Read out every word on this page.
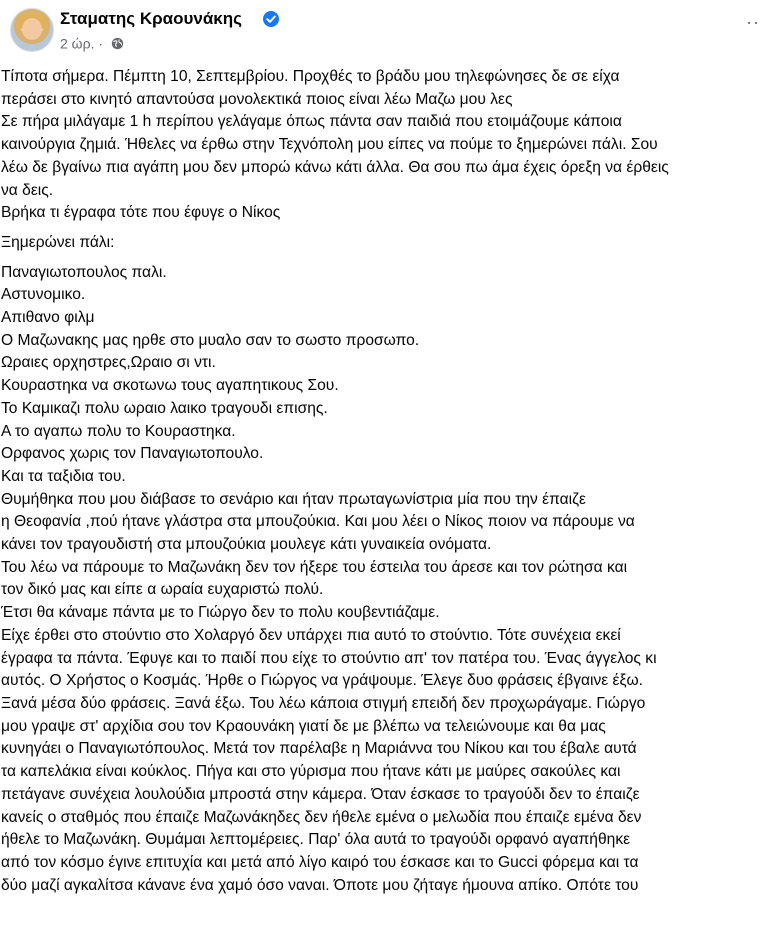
Σταματης Κραουνάκης
2 ώρ. ·
··
Τίποτα σήμερα. Πέμπτη 10, Σεπτεμβρίου. Προχθές το βράδυ μου τηλεφώνησες δε σε είχα
περάσει στο κινητό απαντούσα μονολεκτικά ποιος είναι λέω Μαζω μου λες
Σε πήρα μιλάγαμε 1 h περίπου γελάγαμε όπως πάντα σαν παιδιά που ετοιμάζουμε κάποια
καινούργια ζημιά. Ήθελες να έρθω στην Τεχνόπολη μου είπες να πούμε το ξημερώνει πάλι. Σου
λέω δε βγαίνω πια αγάπη μου δεν μπορώ κάνω κάτι άλλα. Θα σου πω άμα έχεις όρεξη να έρθεις
να δεις.
Βρήκα τι έγραφα τότε που έφυγε ο Νίκος
Ξημερώνει πάλι:
Παναγιωτοπουλος παλι.
Αστυνομικο.
Απιθανο φιλμ
Ο Μαζωνακης μας ηρθε στο μυαλο σαν το σωστο προσωπο.
Ωραιες ορχηστρες,Ωραιο σι ντι.
Κουραστηκα να σκοτωνω τους αγαπητικους Σου.
Το Καμικαζι πολυ ωραιο λαικο τραγουδι επισης.
Α το αγαπω πολυ το Κουραστηκα.
Ορφανος χωρις τον Παναγιωτοπουλο.
Και τα ταξιδια του.
Θυμήθηκα που μου διάβασε το σενάριο και ήταν πρωταγωνίστρια μία που την έπαιζε
η Θεοφανία ,πού ήτανε γλάστρα στα μπουζούκια. Και μου λέει ο Νίκος ποιον να πάρουμε να
κάνει τον τραγουδιστή στα μπουζούκια μουλεγε κάτι γυναικεία ονόματα.
Του λέω να πάρουμε το Μαζωνάκη δεν τον ήξερε του έστειλα του άρεσε και τον ρώτησα και
τον δικό μας και είπε α ωραία ευχαριστώ πολύ.
Έτσι θα κάναμε πάντα με το Γιώργο δεν το πολυ κουβεντιάζαμε.
Είχε έρθει στο στούντιο στο Χολαργό δεν υπάρχει πια αυτό το στούντιο. Τότε συνέχεια εκεί
έγραφα τα πάντα. Έφυγε και το παιδί που είχε το στούντιο απ' τον πατέρα του. Ένας άγγελος κι
αυτός. Ο Χρήστος ο Κοσμάς. Ήρθε ο Γιώργος να γράψουμε. Έλεγε δυο φράσεις έβγαινε έξω.
Ξανά μέσα δύο φράσεις. Ξανά έξω. Του λέω κάποια στιγμή επειδή δεν προχωράγαμε. Γιώργο
μου γραψε στ' αρχίδια σου τον Κραουνάκη γιατί δε με βλέπω να τελειώνουμε και θα μας
κυνηγάει ο Παναγιωτόπουλος. Μετά τον παρέλαβε η Μαριάννα του Νίκου και του έβαλε αυτά
τα καπελάκια είναι κούκλος. Πήγα και στο γύρισμα που ήτανε κάτι με μαύρες σακούλες και
πετάγανε συνέχεια λουλούδια μπροστά στην κάμερα. Όταν έσκασε το τραγούδι δεν το έπαιζε
κανείς ο σταθμός που έπαιζε Μαζωνάκηδες δεν ήθελε εμένα ο μελωδία που έπαιζε εμένα δεν
ήθελε το Μαζωνάκη. Θυμάμαι λεπτομέρειες. Παρ' όλα αυτά το τραγούδι ορφανό αγαπήθηκε
από τον κόσμο έγινε επιτυχία και μετά από λίγο καιρό του έσκασε και το Gucci φόρεμα και τα
δύο μαζί αγκαλίτσα κάνανε ένα χαμό όσο ναναι. Όποτε μου ζήταγε ήμουνα απίκο. Οπότε του
